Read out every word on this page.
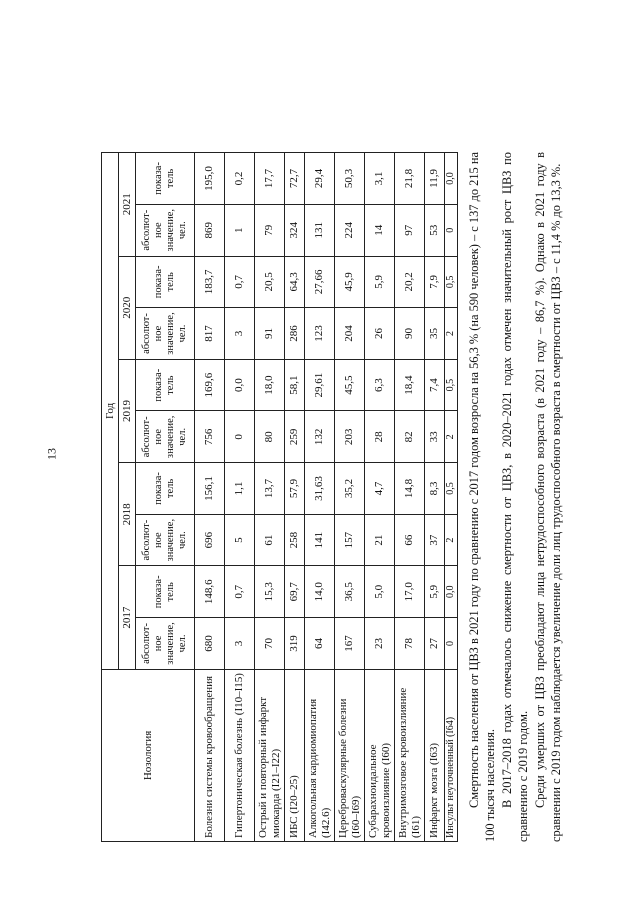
13
Нозология	Год									
	2017		2018		2019		2020		2021	
	абсолют-ное значение, чел.	показа-тель	абсолют-ное значение, чел.	показа-тель	абсолют-ное значение, чел.	показа-тель	абсолют-ное значение, чел.	показа-тель	абсолют-ное значение, чел.	показа-тель
Болезни системы кровообращения	680	148,6	696	156,1	756	169,6	817	183,7	869	195,0
Гипертоническая болезнь (I10–I15)	3	0,7	5	1,1	0	0,0	3	0,7	1	0,2
Острый и повторный инфаркт миокарда (I21–I22)	70	15,3	61	13,7	80	18,0	91	20,5	79	17,7
ИБС (I20–25)	319	69,7	258	57,9	259	58,1	286	64,3	324	72,7
Алкогольная кардиомиопатия (I42.6)	64	14,0	141	31,63	132	29,61	123	27,66	131	29,4
Цереброваскулярные болезни (I60–I69)	167	36,5	157	35,2	203	45,5	204	45,9	224	50,3
Субарахноидальное кровоизлияние (I60)	23	5,0	21	4,7	28	6,3	26	5,9	14	3,1
Внутримозговое кровоизлияние (I61)	78	17,0	66	14,8	82	18,4	90	20,2	97	21,8
Инфаркт мозга (I63)	27	5,9	37	8,3	33	7,4	35	7,9	53	11,9
Инсульт неуточненный (I64)	0	0,0	2	0,5	2	0,5	2	0,5	0	0,0 Смертность населения от ЦВЗ в 2021 году по сравнению с 2017 годом возросла на 56,3 % (на 590 человек) – с 137 до 215 на 100 тысяч населения. В 2017–2018 годах отмечалось снижение смертности от ЦВЗ, в 2020–2021 годах отмечен значительный рост ЦВЗ по сравнению с 2019 годом. Среди умерших от ЦВЗ преобладают лица нетрудоспособного возраста (в 2021 году – 86,7 %). Однако в 2021 году в сравнении с 2019 годом наблюдается увеличение доли лиц трудоспособного возраста в смертности от ЦВЗ – с 11,4 % до 13,3 %.
